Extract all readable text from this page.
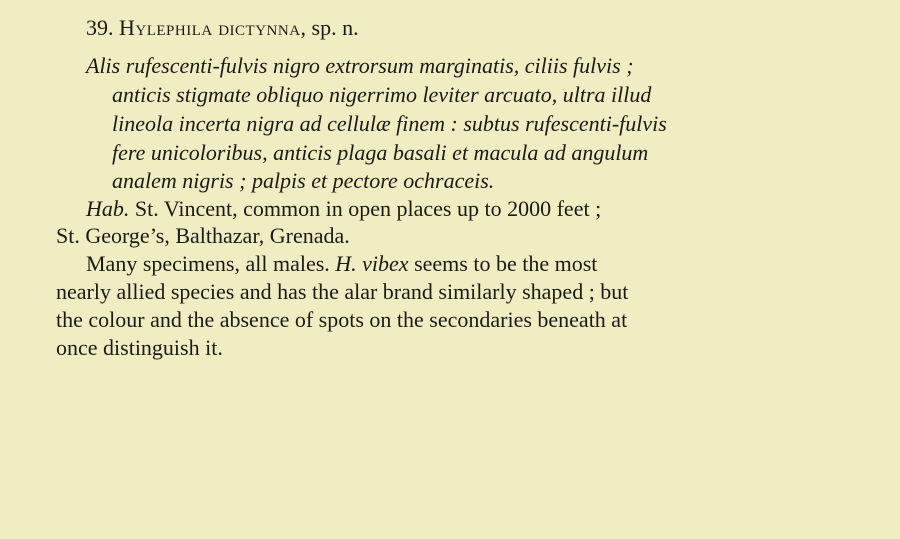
39. Hylephila dictynna, sp. n.
Alis rufescenti-fulvis nigro extrorsum marginatis, ciliis fulvis ;
anticis stigmate obliquo nigerrimo leviter arcuato, ultra illud
lineola incerta nigra ad cellulæ finem : subtus rufescenti-fulvis
fere unicoloribus, anticis plaga basali et macula ad angulum
analem nigris ; palpis et pectore ochraceis.
Hab. St. Vincent, common in open places up to 2000 feet ;
St. George’s, Balthazar, Grenada.
Many specimens, all males. H. vibex seems to be the most
nearly allied species and has the alar brand similarly shaped ; but
the colour and the absence of spots on the secondaries beneath at
once distinguish it.
